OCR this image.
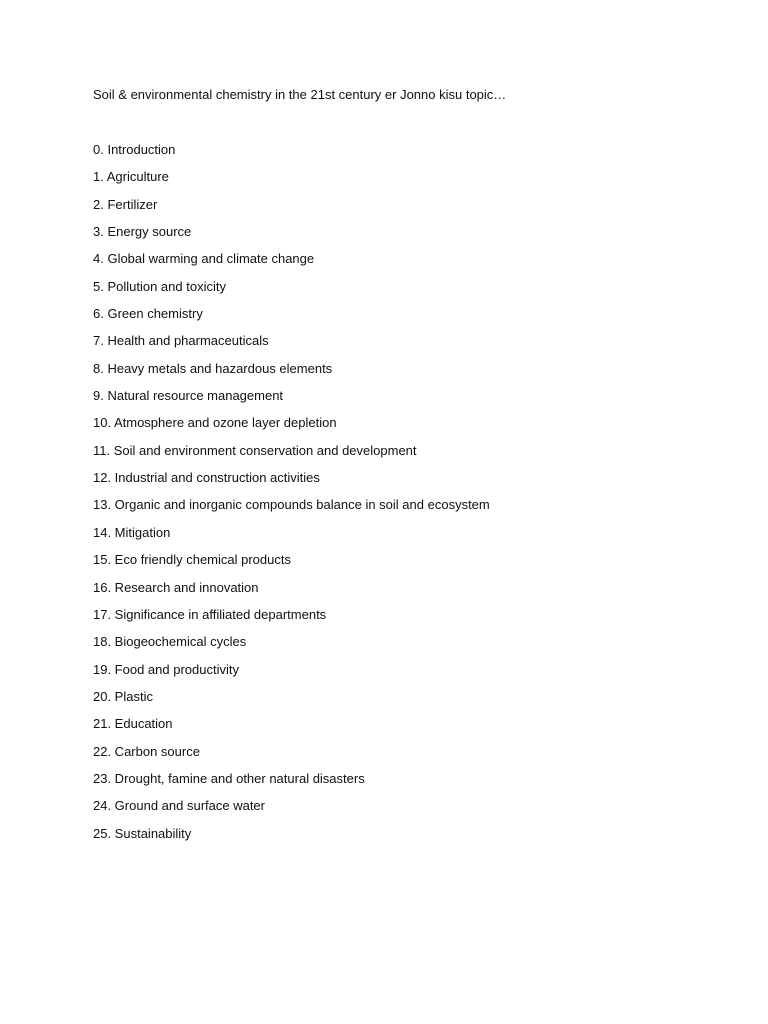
Soil & environmental chemistry in the 21st century er Jonno kisu topic…
0. Introduction
1. Agriculture
2. Fertilizer
3. Energy source
4. Global warming and climate change
5. Pollution and toxicity
6. Green chemistry
7. Health and pharmaceuticals
8. Heavy metals and hazardous elements
9. Natural resource management
10. Atmosphere and ozone layer depletion
11. Soil and environment conservation and development
12. Industrial and construction activities
13. Organic and inorganic compounds balance in soil and ecosystem
14. Mitigation
15. Eco friendly chemical products
16. Research and innovation
17. Significance in affiliated departments
18. Biogeochemical cycles
19. Food and productivity
20. Plastic
21. Education
22. Carbon source
23. Drought, famine and other natural disasters
24. Ground and surface water
25. Sustainability
